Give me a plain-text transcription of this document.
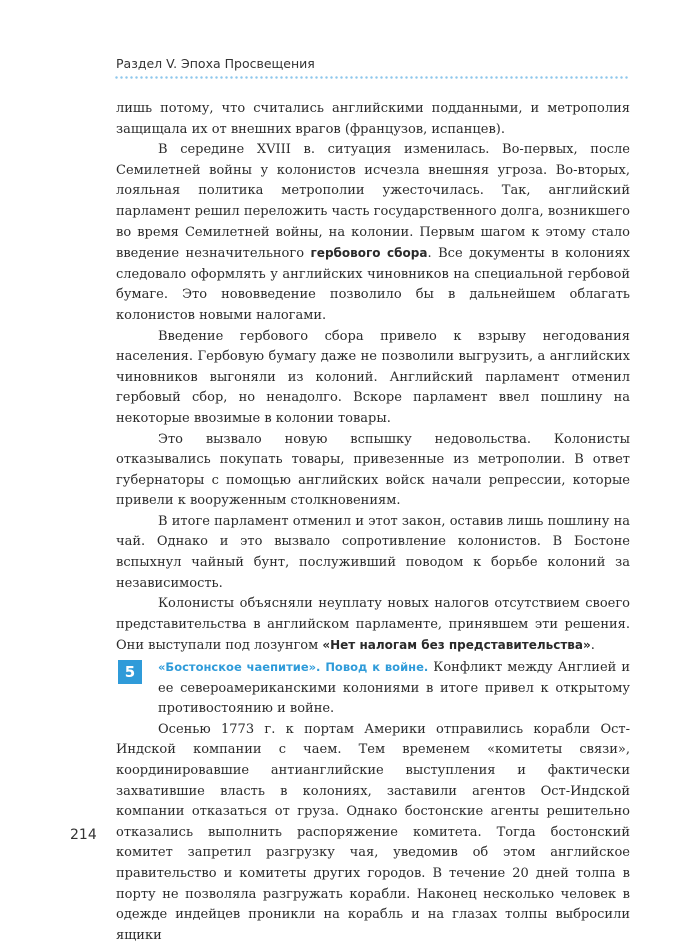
Раздел V. Эпоха Просвещения

лишь потому, что считались английскими подданными, и метрополия защищала их от внешних врагов (французов, испанцев).

В середине XVIII в. ситуация изменилась. Во-первых, после Семилетней войны у колонистов исчезла внешняя угроза. Во-вторых, лояльная политика метрополии ужесточилась. Так, английский парламент решил переложить часть государственного долга, возникшего во время Семилетней войны, на колонии. Первым шагом к этому стало введение незначительного гербового сбора. Все документы в колониях следовало оформлять у английских чиновников на специальной гербовой бумаге. Это нововведение позволило бы в дальнейшем облагать колонистов новыми налогами.

Введение гербового сбора привело к взрыву негодования населения. Гербовую бумагу даже не позволили выгрузить, а английских чиновников выгоняли из колоний. Английский парламент отменил гербовый сбор, но ненадолго. Вскоре парламент ввел пошлину на некоторые ввозимые в колонии товары.

Это вызвало новую вспышку недовольства. Колонисты отказывались покупать товары, привезенные из метрополии. В ответ губернаторы с помощью английских войск начали репрессии, которые привели к вооруженным столкновениям.

В итоге парламент отменил и этот закон, оставив лишь пошлину на чай. Однако и это вызвало сопротивление колонистов. В Бостоне вспыхнул чайный бунт, послуживший поводом к борьбе колоний за независимость.

Колонисты объясняли неуплату новых налогов отсутствием своего представительства в английском парламенте, принявшем эти решения. Они выступали под лозунгом «Нет налогам без представительства».

5	«Бостонское чаепитие». Повод к войне. Конфликт между Англией и ее североамериканскими колониями в итоге привел к открытому противостоянию и войне.

Осенью 1773 г. к портам Америки отправились корабли Ост-Индской компании с чаем. Тем временем «комитеты связи», координировавшие антианглийские выступления и фактически захватившие власть в колониях, заставили агентов Ост-Индской компании отказаться от груза. Однако бостонские агенты решительно отказались выполнить распоряжение комитета. Тогда бостонский комитет запретил разгрузку чая, уведомив об этом английское правительство и комитеты других городов. В течение 20 дней толпа в порту не позволяла разгружать корабли. Наконец несколько человек в одежде индейцев проникли на корабль и на глазах толпы выбросили ящики

214
